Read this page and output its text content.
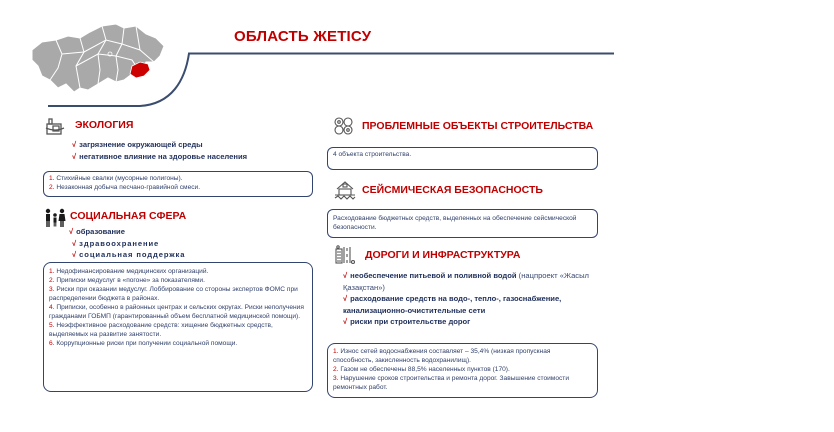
ОБЛАСТЬ ЖЕТІСУ
ЭКОЛОГИЯ
√ загрязнение окружающей среды
√ негативное влияние на здоровье населения
1. Стихийные свалки (мусорные полигоны).
2. Незаконная добыча песчано-гравийной смеси.
СОЦИАЛЬНАЯ СФЕРА
√ образование
√ здравоохранение
√ социальная поддержка
1. Недофинансирование медицинских организаций.
2. Приписки медуслуг в «погоне» за показателями.
3. Риски при оказании медуслуг. Лоббирование со стороны экспертов ФОМС при распределении бюджета в районах.
4. Приписки, особенно в районных центрах и сельских округах. Риски неполучения гражданами ГОБМП (гарантированный объем бесплатной медицинской помощи).
5. Неэффективное расходование средств: хищение бюджетных средств, выделяемых на развитие занятости.
6. Коррупционные риски при получении социальной помощи.
ПРОБЛЕМНЫЕ ОБЪЕКТЫ СТРОИТЕЛЬСТВА
4 объекта строительства.
СЕЙСМИЧЕСКАЯ БЕЗОПАСНОСТЬ
Расходование бюджетных средств, выделенных на обеспечение сейсмической безопасности.
ДОРОГИ И ИНФРАСТРУКТУРА
√ необеспечение питьевой и поливной водой (нацпроект «Жасыл Қазақстан»)
√ расходование средств на водо-, тепло-, газоснабжение, канализационно-очистительные сети
√ риски при строительстве дорог
1. Износ сетей водоснабжения составляет – 35,4% (низкая пропускная способность, закисленность водохранилищ).
2. Газом не обеспечены 88,5% населенных пунктов (170).
3. Нарушение сроков строительства и ремонта дорог. Завышение стоимости ремонтных работ.
